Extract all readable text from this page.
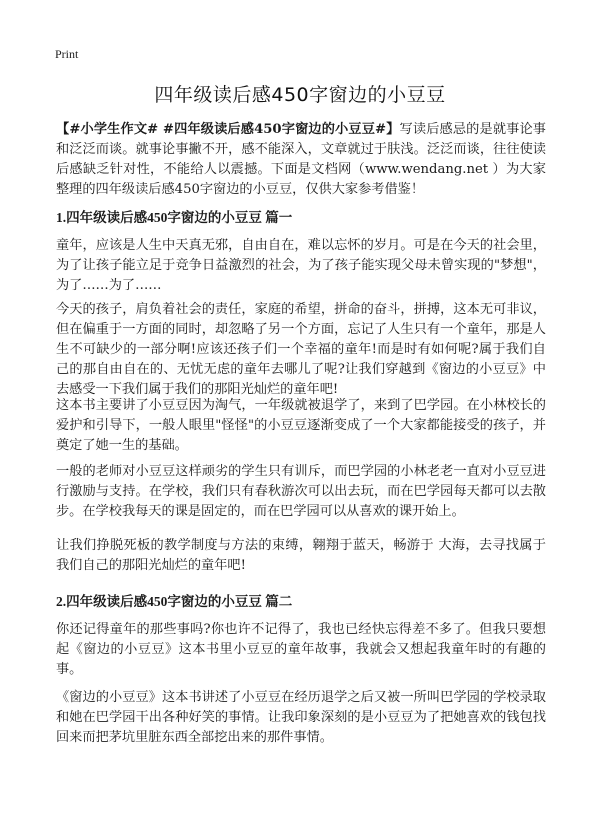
Print
四年级读后感450字窗边的小豆豆

【#小学生作文# #四年级读后感450字窗边的小豆豆#】写读后感忌的是就事论事和泛泛而谈。就事论事撇不开，感不能深入，文章就过于肤浅。泛泛而谈，往往使读后感缺乏针对性，不能给人以震撼。下面是文档网（www.wendang.net ）为大家整理的四年级读后感450字窗边的小豆豆，仅供大家参考借鉴！

1.四年级读后感450字窗边的小豆豆 篇一

童年，应该是人生中天真无邪，自由自在，难以忘怀的岁月。可是在今天的社会里，为了让孩子能立足于竞争日益激烈的社会，为了孩子能实现父母未曾实现的"梦想"，为了……为了……

今天的孩子，肩负着社会的责任，家庭的希望，拼命的奋斗，拼搏，这本无可非议，但在偏重于一方面的同时，却忽略了另一个方面，忘记了人生只有一个童年，那是人生不可缺少的一部分啊!应该还孩子们一个幸福的童年!而是时有如何呢?属于我们自己的那自由自在的、无忧无虑的童年去哪儿了呢?让我们穿越到《窗边的小豆豆》中去感受一下我们属于我们的那阳光灿烂的童年吧!

这本书主要讲了小豆豆因为淘气，一年级就被退学了，来到了巴学园。在小林校长的爱护和引导下，一般人眼里"怪怪"的小豆豆逐渐变成了一个大家都能接受的孩子，并奠定了她一生的基础。

一般的老师对小豆豆这样顽劣的学生只有训斥，而巴学园的小林老老一直对小豆豆进行激励与支持。在学校，我们只有春秋游次可以出去玩，而在巴学园每天都可以去散步。在学校我每天的课是固定的，而在巴学园可以从喜欢的课开始上。

让我们挣脱死板的教学制度与方法的束缚，翱翔于蓝天，畅游于 大海，去寻找属于我们自己的那阳光灿烂的童年吧!

2.四年级读后感450字窗边的小豆豆 篇二

你还记得童年的那些事吗?你也许不记得了，我也已经快忘得差不多了。但我只要想起《窗边的小豆豆》这本书里小豆豆的童年故事，我就会又想起我童年时的有趣的事。

《窗边的小豆豆》这本书讲述了小豆豆在经历退学之后又被一所叫巴学园的学校录取和她在巴学园干出各种好笑的事情。让我印象深刻的是小豆豆为了把她喜欢的钱包找回来而把茅坑里脏东西全部挖出来的那件事情。
